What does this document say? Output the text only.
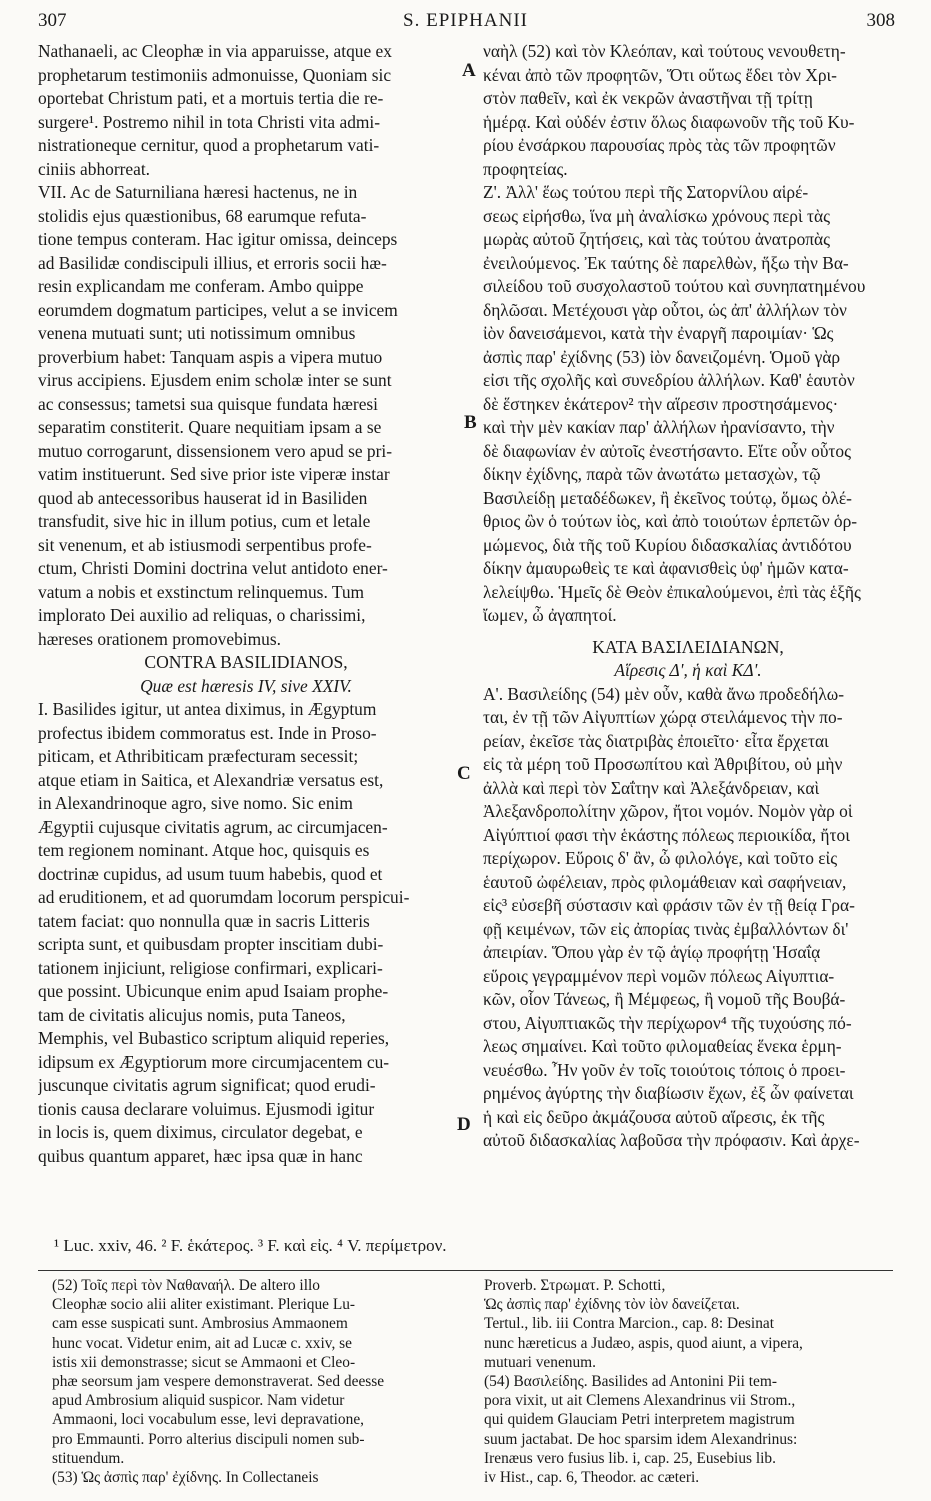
307	S. EPIPHANII	308
Nathanaeli, ac Cleophæ in via apparuisse, atque ex
prophetarum testimoniis admonuisse, Quoniam sic
oportebat Christum pati, et a mortuis tertia die re-
surgere¹. Postremo nihil in tota Christi vita admi-
nistrationeque cernitur, quod a prophetarum vati-
ciniis abhorreat.
VII. Ac de Saturniliana hæresi hactenus, ne in
stolidis ejus quæstionibus, 68 earumque refuta-
tione tempus conteram. Hac igitur omissa, deinceps
ad Basilidæ condiscipuli illius, et erroris socii hæ-
resin explicandam me conferam. Ambo quippe
eorumdem dogmatum participes, velut a se invicem
venena mutuati sunt; uti notissimum omnibus
proverbium habet: Tanquam aspis a vipera mutuo
virus accipiens. Ejusdem enim scholæ inter se sunt
ac consessus; tametsi sua quisque fundata hæresi
separatim constiterit. Quare nequitiam ipsam a se
mutuo corrogarunt, dissensionem vero apud se pri-
vatim instituerunt. Sed sive prior iste viperæ instar
quod ab antecessoribus hauserat id in Basiliden
transfudit, sive hic in illum potius, cum et letale
sit venenum, et ab istiusmodi serpentibus profe-
ctum, Christi Domini doctrina velut antidoto ener-
vatum a nobis et exstinctum relinquemus. Tum
implorato Dei auxilio ad reliquas, o charissimi,
hæreses orationem promovebimus.
CONTRA BASILIDIANOS,
Quæ est hæresis IV, sive XXIV.
I. Basilides igitur, ut antea diximus, in Ægyptum
profectus ibidem commoratus est. Inde in Proso-
piticam, et Athribiticam præfecturam secessit;
atque etiam in Saiticа, et Alexandriæ versatus est,
in Alexandrinoque agro, sive nomo. Sic enim
Ægyptii cujusque civitatis agrum, ac circumjacen-
tem regionem nominant. Atque hoc, quisquis es
doctrinæ cupidus, ad usum tuum habebis, quod et
ad eruditionem, et ad quorumdam locorum perspicui-
tatem faciat: quo nonnulla quæ in sacris Litteris
scripta sunt, et quibusdam propter inscitiam dubi-
tationem injiciunt, religiose confirmari, explicari-
que possint. Ubicunque enim apud Isaiam prophe-
tam de civitatis alicujus nomis, puta Taneos,
Memphis, vel Bubastico scriptum aliquid reperies,
idipsum ex Ægyptiorum more circumjacentem cu-
juscunque civitatis agrum significat; quod erudi-
tionis causa declarare voluimus. Ejusmodi igitur
in locis is, quem diximus, circulator degebat, e
quibus quantum apparet, hæc ipsa quæ in hanc
ναὴλ (52) καὶ τὸν Κλεόπαν, καὶ τούτους νενουθετη-
κέναι ἀπὸ τῶν προφητῶν, Ὅτι οὕτως ἔδει τὸν Χρι-
στὸν παθεῖν, καὶ ἐκ νεκρῶν ἀναστῆναι τῇ τρίτῃ
ἡμέρᾳ. Καὶ οὐδέν ἐστιν ὅλως διαφωνοῦν τῆς τοῦ Κυ-
ρίου ἐνσάρκου παρουσίας πρὸς τὰς τῶν προφητῶν
προφητείας.
Ζ'. Ἀλλ' ἕως τούτου περὶ τῆς Σατορνίλου αἱρέ-
σεως εἰρήσθω, ἵνα μὴ ἀναλίσκω χρόνους περὶ τὰς
μωρὰς αὐτοῦ ζητήσεις, καὶ τὰς τούτου ἀνατροπὰς
ἐνειλούμενος. Ἐκ ταύτης δὲ παρελθὼν, ἥξω τὴν Βα-
σιλείδου τοῦ συσχολαστοῦ τούτου καὶ συνηπατημένου
δηλῶσαι. Μετέχουσι γὰρ οὗτοι, ὡς ἀπ' ἀλλήλων τὸν
ἰὸν δανεισάμενοι, κατὰ τὴν ἐναργῆ παροιμίαν· Ὡς
ἀσπὶς παρ' ἐχίδνης (53) ἰὸν δανειζομένη. Ὁμοῦ γὰρ
εἰσι τῆς σχολῆς καὶ συνεδρίου ἀλλήλων. Καθ' ἑαυτὸν
δὲ ἕστηκεν ἑκάτερον² τὴν αἵρεσιν προστησάμενος·
καὶ τὴν μὲν κακίαν παρ' ἀλλήλων ἠρανίσαντο, τὴν
δὲ διαφωνίαν ἐν αὐτοῖς ἐνεστήσαντο. Εἴτε οὖν οὗτος
δίκην ἐχίδνης, παρὰ τῶν ἀνωτάτω μετασχὼν, τῷ
Βασιλείδῃ μεταδέδωκεν, ἢ ἐκεῖνος τούτῳ, ὅμως ὀλέ-
θριος ὢν ὁ τούτων ἰὸς, καὶ ἀπὸ τοιούτων ἑρπετῶν ὁρ-
μώμενος, διὰ τῆς τοῦ Κυρίου διδασκαλίας ἀντιδότου
δίκην ἀμαυρωθεὶς τε καὶ ἀφανισθεὶς ὑφ' ἡμῶν κατα-
λελείψθω. Ἡμεῖς δὲ Θεὸν ἐπικαλούμενοι, ἐπὶ τὰς ἑξῆς
ἴωμεν, ὦ ἀγαπητοί.
ΚΑΤΑ ΒΑΣΙΛΕΙΔΙΑΝΩΝ,
Αἵρεσις Δ', ἡ καὶ ΚΔ'.
Α'. Βασιλείδης (54) μὲν οὖν, καθὰ ἄνω προδεδήλω-
ται, ἐν τῇ τῶν Αἰγυπτίων χώρᾳ στειλάμενος τὴν πο-
ρείαν, ἐκεῖσε τὰς διατριβὰς ἐποιεῖτο· εἶτα ἔρχεται
εἰς τὰ μέρη τοῦ Προσωπίτου καὶ Ἀθριβίτου, οὐ μὴν
ἀλλὰ καὶ περὶ τὸν Σαΐτην καὶ Ἀλεξάνδρειαν, καὶ
Ἀλεξανδροπολίτην χῶρον, ἤτοι νομόν. Νομὸν γὰρ οἱ
Αἰγύπτιοί φασι τὴν ἑκάστης πόλεως περιοικίδα, ἤτοι
περίχωρον. Εὕροις δ' ἂν, ὦ φιλολόγε, καὶ τοῦτο εἰς
ἑαυτοῦ ὠφέλειαν, πρὸς φιλομάθειαν καὶ σαφήνειαν,
εἰς³ εὐσεβῆ σύστασιν καὶ φράσιν τῶν ἐν τῇ θείᾳ Γρα-
φῇ κειμένων, τῶν εἰς ἀπορίας τινὰς ἐμβαλλόντων δι'
ἀπειρίαν. Ὅπου γὰρ ἐν τῷ ἁγίῳ προφήτῃ Ἡσαΐᾳ
εὕροις γεγραμμένον περὶ νομῶν πόλεως Αἰγυπτια-
κῶν, οἷον Τάνεως, ἢ Μέμφεως, ἢ νομοῦ τῆς Βουβά-
στου, Αἰγυπτιακῶς τὴν περίχωρον⁴ τῆς τυχούσης πό-
λεως σημαίνει. Καὶ τοῦτο φιλομαθείας ἕνεκα ἑρμη-
νευέσθω. Ἦν γοῦν ἐν τοῖς τοιούτοις τόποις ὁ προει-
ρημένος ἀγύρτης τὴν διαβίωσιν ἔχων, ἐξ ὧν φαίνεται
ἡ καὶ εἰς δεῦρο ἀκμάζουσα αὐτοῦ αἵρεσις, ἐκ τῆς
αὐτοῦ διδασκαλίας λαβοῦσα τὴν πρόφασιν. Καὶ ἀρχε-
A
B
C
D
¹ Luc. xxiv, 46. ² F. ἑκάτερος. ³ F. καὶ εἰς. ⁴ V. περίμετρον.
(52) Τοῖς περὶ τὸν Ναθαναήλ. De altero illo
Cleophæ socio alii aliter existimant. Plerique Lu-
cam esse suspicati sunt. Ambrosius Ammaonem
hunc vocat. Videtur enim, ait ad Lucæ c. xxiv, se
istis xii demonstrasse; sicut se Ammaoni et Cleo-
phæ seorsum jam vespere demonstraverat. Sed deesse
apud Ambrosium aliquid suspicor. Nam videtur
Ammaoni, loci vocabulum esse, levi depravatione,
pro Emmaunti. Porro alterius discipuli nomen sub-
stituendum.
(53) Ὡς ἀσπὶς παρ' ἐχίδνης. In Collectaneis
Proverb. Στρωματ. P. Schotti,
Ὡς ἀσπὶς παρ' ἐχίδνης τὸν ἰὸν δανείζεται.
Tertul., lib. iii Contra Marcion., cap. 8: Desinat
nunc hæreticus a Judæo, aspis, quod aiunt, a vipera,
mutuari venenum.
(54) Βασιλείδης. Basilides ad Antonini Pii tem-
pora vixit, ut ait Clemens Alexandrinus vii Strom.,
qui quidem Glauciam Petri interpretem magistrum
suum jactabat. De hoc sparsim idem Alexandrinus:
Irenæus vero fusius lib. i, cap. 25, Eusebius lib.
iv Hist., cap. 6, Theodor. ac cæteri.
